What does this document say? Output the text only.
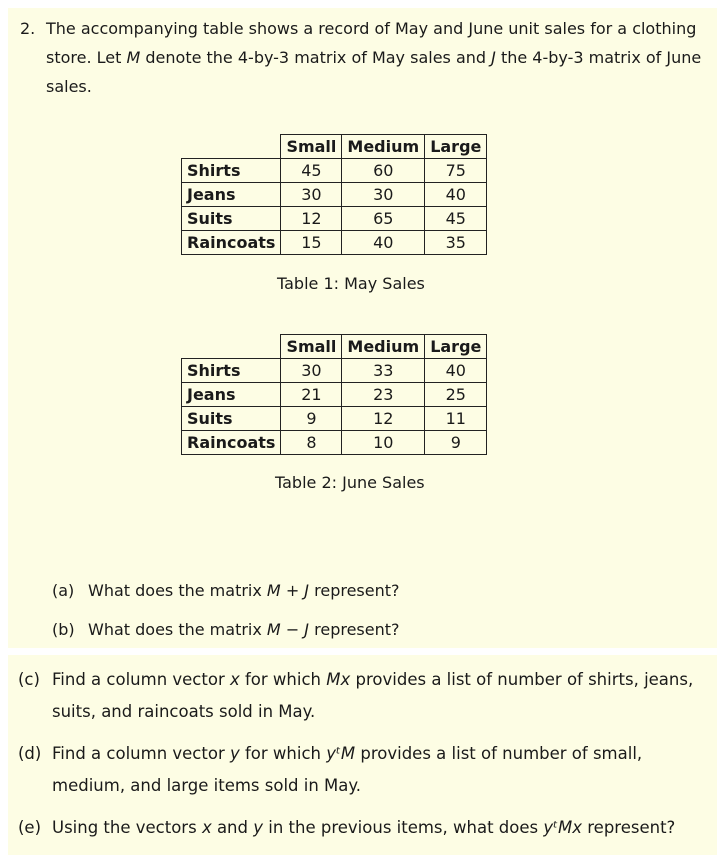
2. The accompanying table shows a record of May and June unit sales for a clothing store. Let M denote the 4-by-3 matrix of May sales and J the 4-by-3 matrix of June sales.
	Small	Medium	Large
Shirts	45	60	75
Jeans	30	30	40
Suits	12	65	45
Raincoats	15	40	35
Table 1: May Sales
	Small	Medium	Large
Shirts	30	33	40
Jeans	21	23	25
Suits	9	12	11
Raincoats	8	10	9
Table 2: June Sales
(a) What does the matrix M + J represent?
(b) What does the matrix M − J represent?
(c) Find a column vector x for which Mx provides a list of number of shirts, jeans, suits, and raincoats sold in May.
(d) Find a column vector y for which yᵗM provides a list of number of small, medium, and large items sold in May.
(e) Using the vectors x and y in the previous items, what does yᵗMx represent?
